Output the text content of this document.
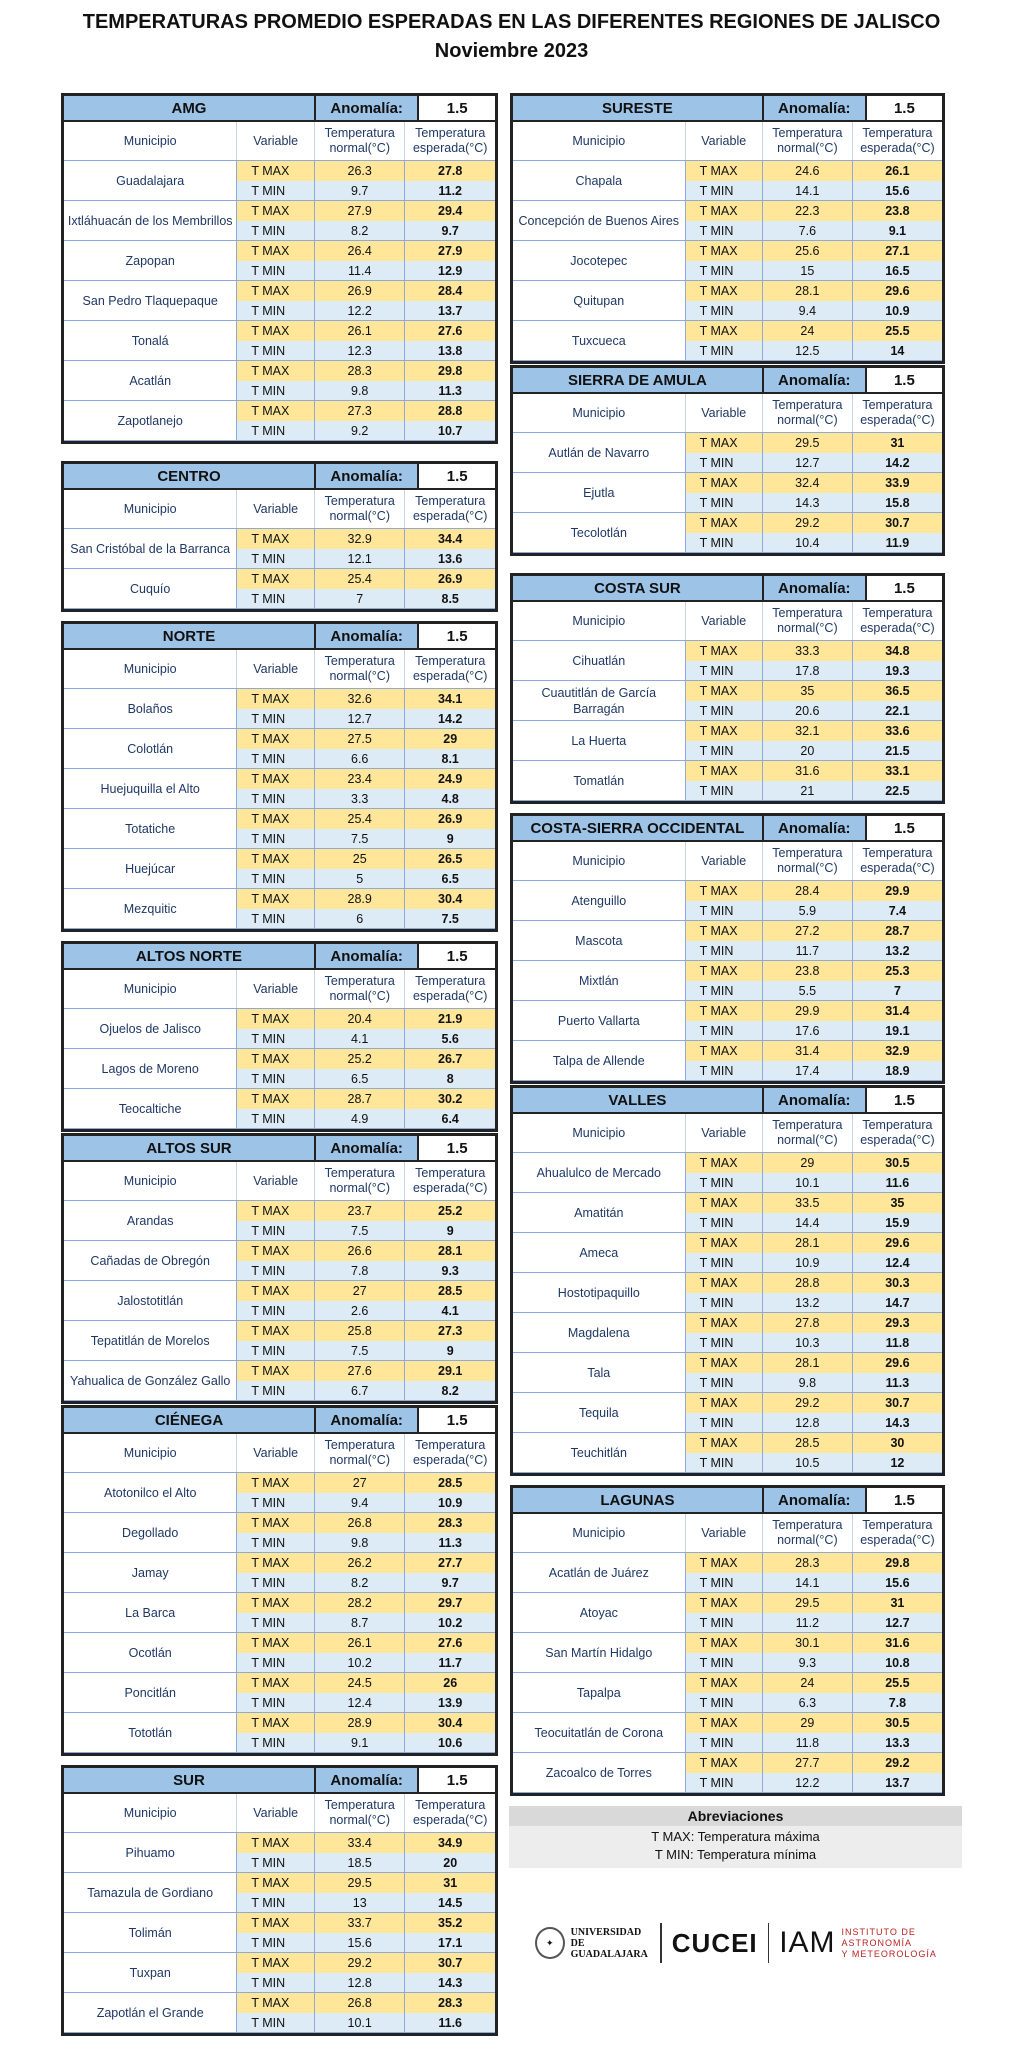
TEMPERATURAS PROMEDIO ESPERADAS EN LAS DIFERENTES REGIONES DE JALISCO
Noviembre 2023
AMG	Anomalía:	1.5
Municipio	Variable
Temperatura normal(°C)
Temperatura esperada(°C)
Guadalajara
T MAX	26.3	27.8
T MIN	9.7	11.2
Ixtláhuacán de los Membrillos
T MAX	27.9	29.4
T MIN	8.2	9.7
Zapopan
T MAX	26.4	27.9
T MIN	11.4	12.9
San Pedro Tlaquepaque
T MAX	26.9	28.4
T MIN	12.2	13.7
Tonalá
T MAX	26.1	27.6
T MIN	12.3	13.8
Acatlán
T MAX	28.3	29.8
T MIN	9.8	11.3
Zapotlanejo
T MAX	27.3	28.8
T MIN	9.2	10.7
CENTRO	Anomalía:	1.5
Municipio	Variable
Temperatura normal(°C)
Temperatura esperada(°C)
San Cristóbal de la Barranca
T MAX	32.9	34.4
T MIN	12.1	13.6
Cuquío
T MAX	25.4	26.9
T MIN	7	8.5
NORTE	Anomalía:	1.5
Municipio	Variable
Temperatura normal(°C)
Temperatura esperada(°C)
Bolaños
T MAX	32.6	34.1
T MIN	12.7	14.2
Colotlán
T MAX	27.5	29
T MIN	6.6	8.1
Huejuquilla el Alto
T MAX	23.4	24.9
T MIN	3.3	4.8
Totatiche
T MAX	25.4	26.9
T MIN	7.5	9
Huejúcar
T MAX	25	26.5
T MIN	5	6.5
Mezquitic
T MAX	28.9	30.4
T MIN	6	7.5
ALTOS NORTE	Anomalía:	1.5
Municipio	Variable
Temperatura normal(°C)
Temperatura esperada(°C)
Ojuelos de Jalisco
T MAX	20.4	21.9
T MIN	4.1	5.6
Lagos de Moreno
T MAX	25.2	26.7
T MIN	6.5	8
Teocaltiche
T MAX	28.7	30.2
T MIN	4.9	6.4
ALTOS SUR	Anomalía:	1.5
Municipio	Variable
Temperatura normal(°C)
Temperatura esperada(°C)
Arandas
T MAX	23.7	25.2
T MIN	7.5	9
Cañadas de Obregón
T MAX	26.6	28.1
T MIN	7.8	9.3
Jalostotitlán
T MAX	27	28.5
T MIN	2.6	4.1
Tepatitlán de Morelos
T MAX	25.8	27.3
T MIN	7.5	9
Yahualica de González Gallo
T MAX	27.6	29.1
T MIN	6.7	8.2
CIÉNEGA	Anomalía:	1.5
Municipio	Variable
Temperatura normal(°C)
Temperatura esperada(°C)
Atotonilco el Alto
T MAX	27	28.5
T MIN	9.4	10.9
Degollado
T MAX	26.8	28.3
T MIN	9.8	11.3
Jamay
T MAX	26.2	27.7
T MIN	8.2	9.7
La Barca
T MAX	28.2	29.7
T MIN	8.7	10.2
Ocotlán
T MAX	26.1	27.6
T MIN	10.2	11.7
Poncitlán
T MAX	24.5	26
T MIN	12.4	13.9
Tototlán
T MAX	28.9	30.4
T MIN	9.1	10.6
SUR	Anomalía:	1.5
Municipio	Variable
Temperatura normal(°C)
Temperatura esperada(°C)
Pihuamo
T MAX	33.4	34.9
T MIN	18.5	20
Tamazula de Gordiano
T MAX	29.5	31
T MIN	13	14.5
Tolimán
T MAX	33.7	35.2
T MIN	15.6	17.1
Tuxpan
T MAX	29.2	30.7
T MIN	12.8	14.3
Zapotlán el Grande
T MAX	26.8	28.3
T MIN	10.1	11.6
SURESTE	Anomalía:	1.5
Municipio	Variable
Temperatura normal(°C)
Temperatura esperada(°C)
Chapala
T MAX	24.6	26.1
T MIN	14.1	15.6
Concepción de Buenos Aires
T MAX	22.3	23.8
T MIN	7.6	9.1
Jocotepec
T MAX	25.6	27.1
T MIN	15	16.5
Quitupan
T MAX	28.1	29.6
T MIN	9.4	10.9
Tuxcueca
T MAX	24	25.5
T MIN	12.5	14
SIERRA DE AMULA	Anomalía:	1.5
Municipio	Variable
Temperatura normal(°C)
Temperatura esperada(°C)
Autlán de Navarro
T MAX	29.5	31
T MIN	12.7	14.2
Ejutla
T MAX	32.4	33.9
T MIN	14.3	15.8
Tecolotlán
T MAX	29.2	30.7
T MIN	10.4	11.9
COSTA SUR	Anomalía:	1.5
Municipio	Variable
Temperatura normal(°C)
Temperatura esperada(°C)
Cihuatlán
T MAX	33.3	34.8
T MIN	17.8	19.3
Cuautitlán de García Barragán
T MAX	35	36.5
T MIN	20.6	22.1
La Huerta
T MAX	32.1	33.6
T MIN	20	21.5
Tomatlán
T MAX	31.6	33.1
T MIN	21	22.5
COSTA-SIERRA OCCIDENTAL	Anomalía:	1.5
Municipio	Variable
Temperatura normal(°C)
Temperatura esperada(°C)
Atenguillo
T MAX	28.4	29.9
T MIN	5.9	7.4
Mascota
T MAX	27.2	28.7
T MIN	11.7	13.2
Mixtlán
T MAX	23.8	25.3
T MIN	5.5	7
Puerto Vallarta
T MAX	29.9	31.4
T MIN	17.6	19.1
Talpa de Allende
T MAX	31.4	32.9
T MIN	17.4	18.9
VALLES	Anomalía:	1.5
Municipio	Variable
Temperatura normal(°C)
Temperatura esperada(°C)
Ahualulco de Mercado
T MAX	29	30.5
T MIN	10.1	11.6
Amatitán
T MAX	33.5	35
T MIN	14.4	15.9
Ameca
T MAX	28.1	29.6
T MIN	10.9	12.4
Hostotipaquillo
T MAX	28.8	30.3
T MIN	13.2	14.7
Magdalena
T MAX	27.8	29.3
T MIN	10.3	11.8
Tala
T MAX	28.1	29.6
T MIN	9.8	11.3
Tequila
T MAX	29.2	30.7
T MIN	12.8	14.3
Teuchitlán
T MAX	28.5	30
T MIN	10.5	12
LAGUNAS	Anomalía:	1.5
Municipio	Variable
Temperatura normal(°C)
Temperatura esperada(°C)
Acatlán de Juárez
T MAX	28.3	29.8
T MIN	14.1	15.6
Atoyac
T MAX	29.5	31
T MIN	11.2	12.7
San Martín Hidalgo
T MAX	30.1	31.6
T MIN	9.3	10.8
Tapalpa
T MAX	24	25.5
T MIN	6.3	7.8
Teocuitatlán de Corona
T MAX	29	30.5
T MIN	11.8	13.3
Zacoalco de Torres
T MAX	27.7	29.2
T MIN	12.2	13.7
Abreviaciones
T MAX: Temperatura máxima
T MIN: Temperatura mínima
✦
UNIVERSIDAD DE
GUADALAJARA CUCEI IAM INSTITUTO DE ASTRONOMÍA
Y METEOROLOGÍA
